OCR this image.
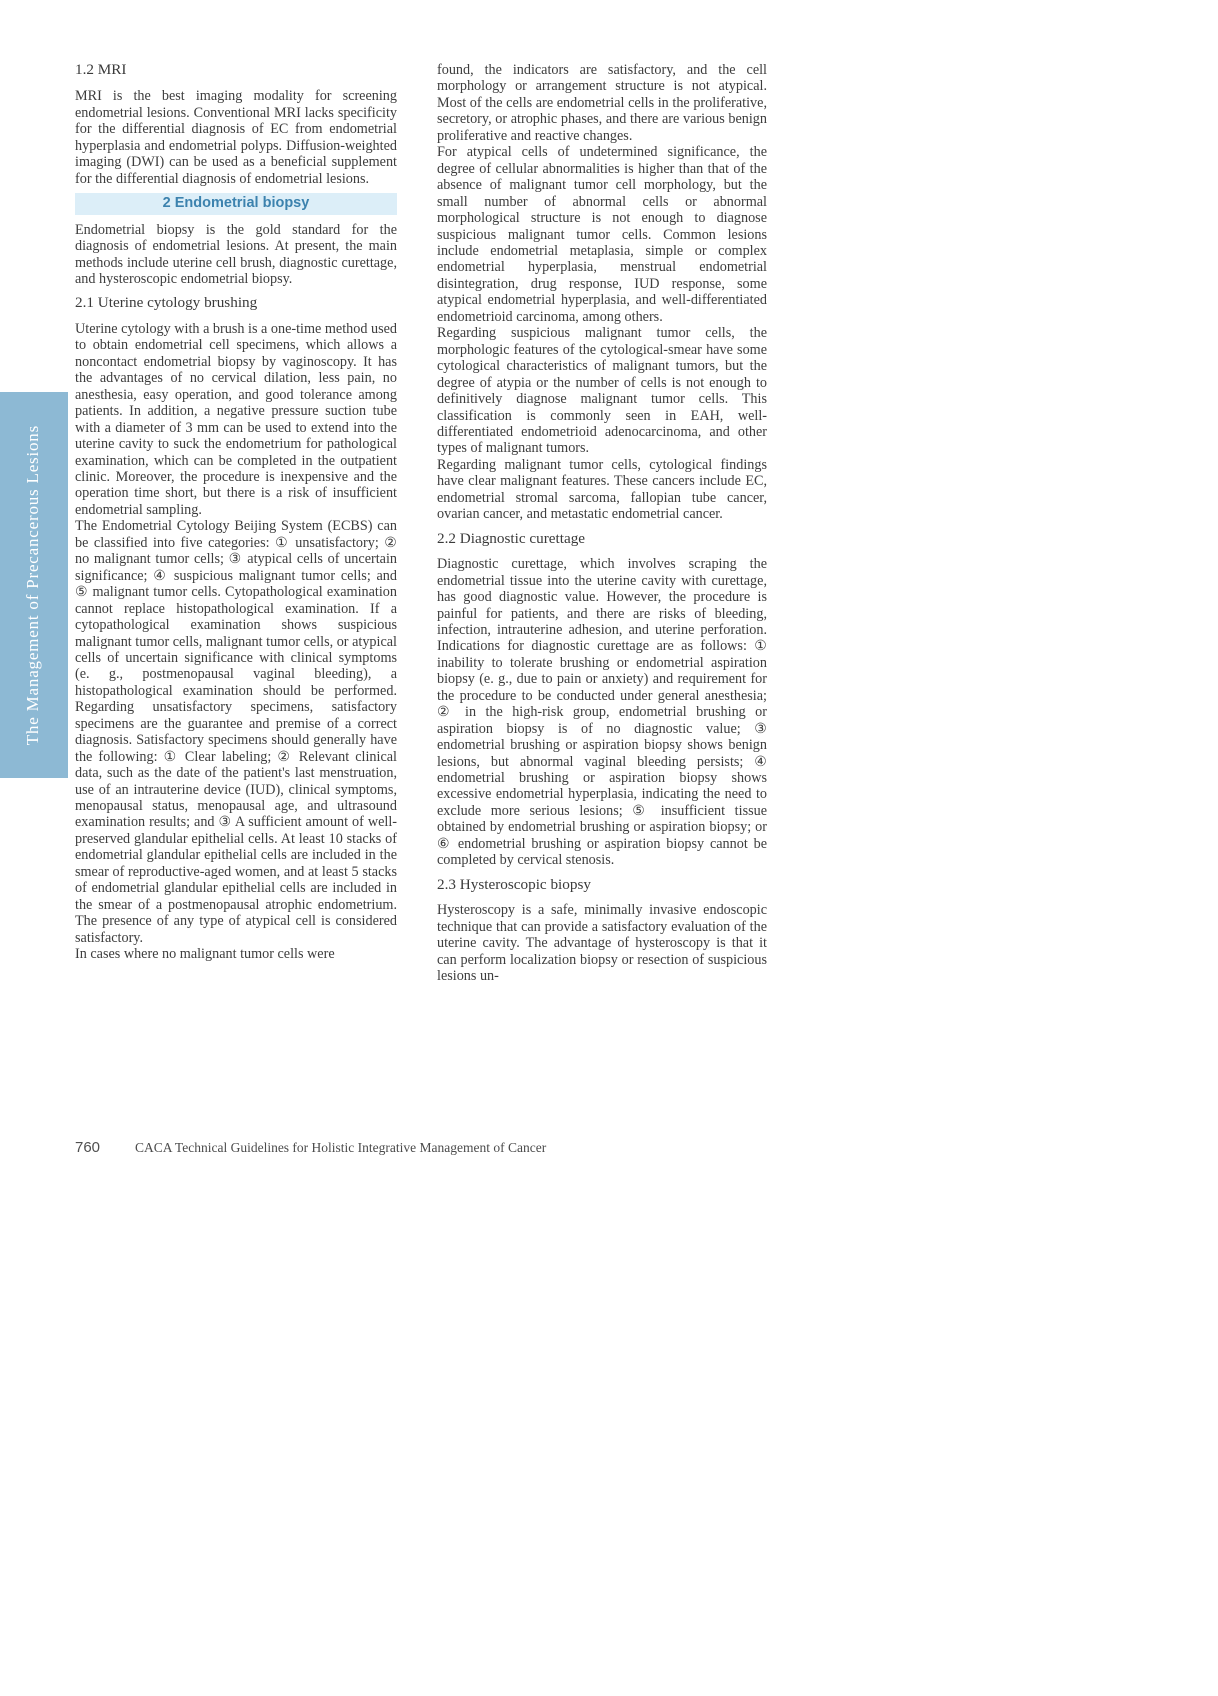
The Management of Precancerous Lesions
1.2 MRI

MRI is the best imaging modality for screening endometrial lesions. Conventional MRI lacks specificity for the differential diagnosis of EC from endometrial hyperplasia and endometrial polyps. Diffusion-weighted imaging (DWI) can be used as a beneficial supplement for the differential diagnosis of endometrial lesions.

2 Endometrial biopsy

Endometrial biopsy is the gold standard for the diagnosis of endometrial lesions. At present, the main methods include uterine cell brush, diagnostic curettage, and hysteroscopic endometrial biopsy.

2.1 Uterine cytology brushing

Uterine cytology with a brush is a one-time method used to obtain endometrial cell specimens, which allows a noncontact endometrial biopsy by vaginoscopy. It has the advantages of no cervical dilation, less pain, no anesthesia, easy operation, and good tolerance among patients. In addition, a negative pressure suction tube with a diameter of 3 mm can be used to extend into the uterine cavity to suck the endometrium for pathological examination, which can be completed in the outpatient clinic. Moreover, the procedure is inexpensive and the operation time short, but there is a risk of insufficient endometrial sampling.

The Endometrial Cytology Beijing System (ECBS) can be classified into five categories: ① unsatisfactory; ② no malignant tumor cells; ③ atypical cells of uncertain significance; ④ suspicious malignant tumor cells; and ⑤ malignant tumor cells. Cytopathological examination cannot replace histopathological examination. If a cytopathological examination shows suspicious malignant tumor cells, malignant tumor cells, or atypical cells of uncertain significance with clinical symptoms (e. g., postmenopausal vaginal bleeding), a histopathological examination should be performed. Regarding unsatisfactory specimens, satisfactory specimens are the guarantee and premise of a correct diagnosis. Satisfactory specimens should generally have the following: ① Clear labeling; ② Relevant clinical data, such as the date of the patient's last menstruation, use of an intrauterine device (IUD), clinical symptoms, menopausal status, menopausal age, and ultrasound examination results; and ③ A sufficient amount of well-preserved glandular epithelial cells. At least 10 stacks of endometrial glandular epithelial cells are included in the smear of reproductive-aged women, and at least 5 stacks of endometrial glandular epithelial cells are included in the smear of a postmenopausal atrophic endometrium. The presence of any type of atypical cell is considered satisfactory.

In cases where no malignant tumor cells were

found, the indicators are satisfactory, and the cell morphology or arrangement structure is not atypical. Most of the cells are endometrial cells in the proliferative, secretory, or atrophic phases, and there are various benign proliferative and reactive changes.

For atypical cells of undetermined significance, the degree of cellular abnormalities is higher than that of the absence of malignant tumor cell morphology, but the small number of abnormal cells or abnormal morphological structure is not enough to diagnose suspicious malignant tumor cells. Common lesions include endometrial metaplasia, simple or complex endometrial hyperplasia, menstrual endometrial disintegration, drug response, IUD response, some atypical endometrial hyperplasia, and well-differentiated endometrioid carcinoma, among others.

Regarding suspicious malignant tumor cells, the morphologic features of the cytological-smear have some cytological characteristics of malignant tumors, but the degree of atypia or the number of cells is not enough to definitively diagnose malignant tumor cells. This classification is commonly seen in EAH, well-differentiated endometrioid adenocarcinoma, and other types of malignant tumors.

Regarding malignant tumor cells, cytological findings have clear malignant features. These cancers include EC, endometrial stromal sarcoma, fallopian tube cancer, ovarian cancer, and metastatic endometrial cancer.

2.2 Diagnostic curettage

Diagnostic curettage, which involves scraping the endometrial tissue into the uterine cavity with curettage, has good diagnostic value. However, the procedure is painful for patients, and there are risks of bleeding, infection, intrauterine adhesion, and uterine perforation. Indications for diagnostic curettage are as follows: ① inability to tolerate brushing or endometrial aspiration biopsy (e. g., due to pain or anxiety) and requirement for the procedure to be conducted under general anesthesia; ② in the high-risk group, endometrial brushing or aspiration biopsy is of no diagnostic value; ③ endometrial brushing or aspiration biopsy shows benign lesions, but abnormal vaginal bleeding persists; ④ endometrial brushing or aspiration biopsy shows excessive endometrial hyperplasia, indicating the need to exclude more serious lesions; ⑤ insufficient tissue obtained by endometrial brushing or aspiration biopsy; or ⑥ endometrial brushing or aspiration biopsy cannot be completed by cervical stenosis.

2.3 Hysteroscopic biopsy

Hysteroscopy is a safe, minimally invasive endoscopic technique that can provide a satisfactory evaluation of the uterine cavity. The advantage of hysteroscopy is that it can perform localization biopsy or resection of suspicious lesions un-

760	CACA Technical Guidelines for Holistic Integrative Management of Cancer
